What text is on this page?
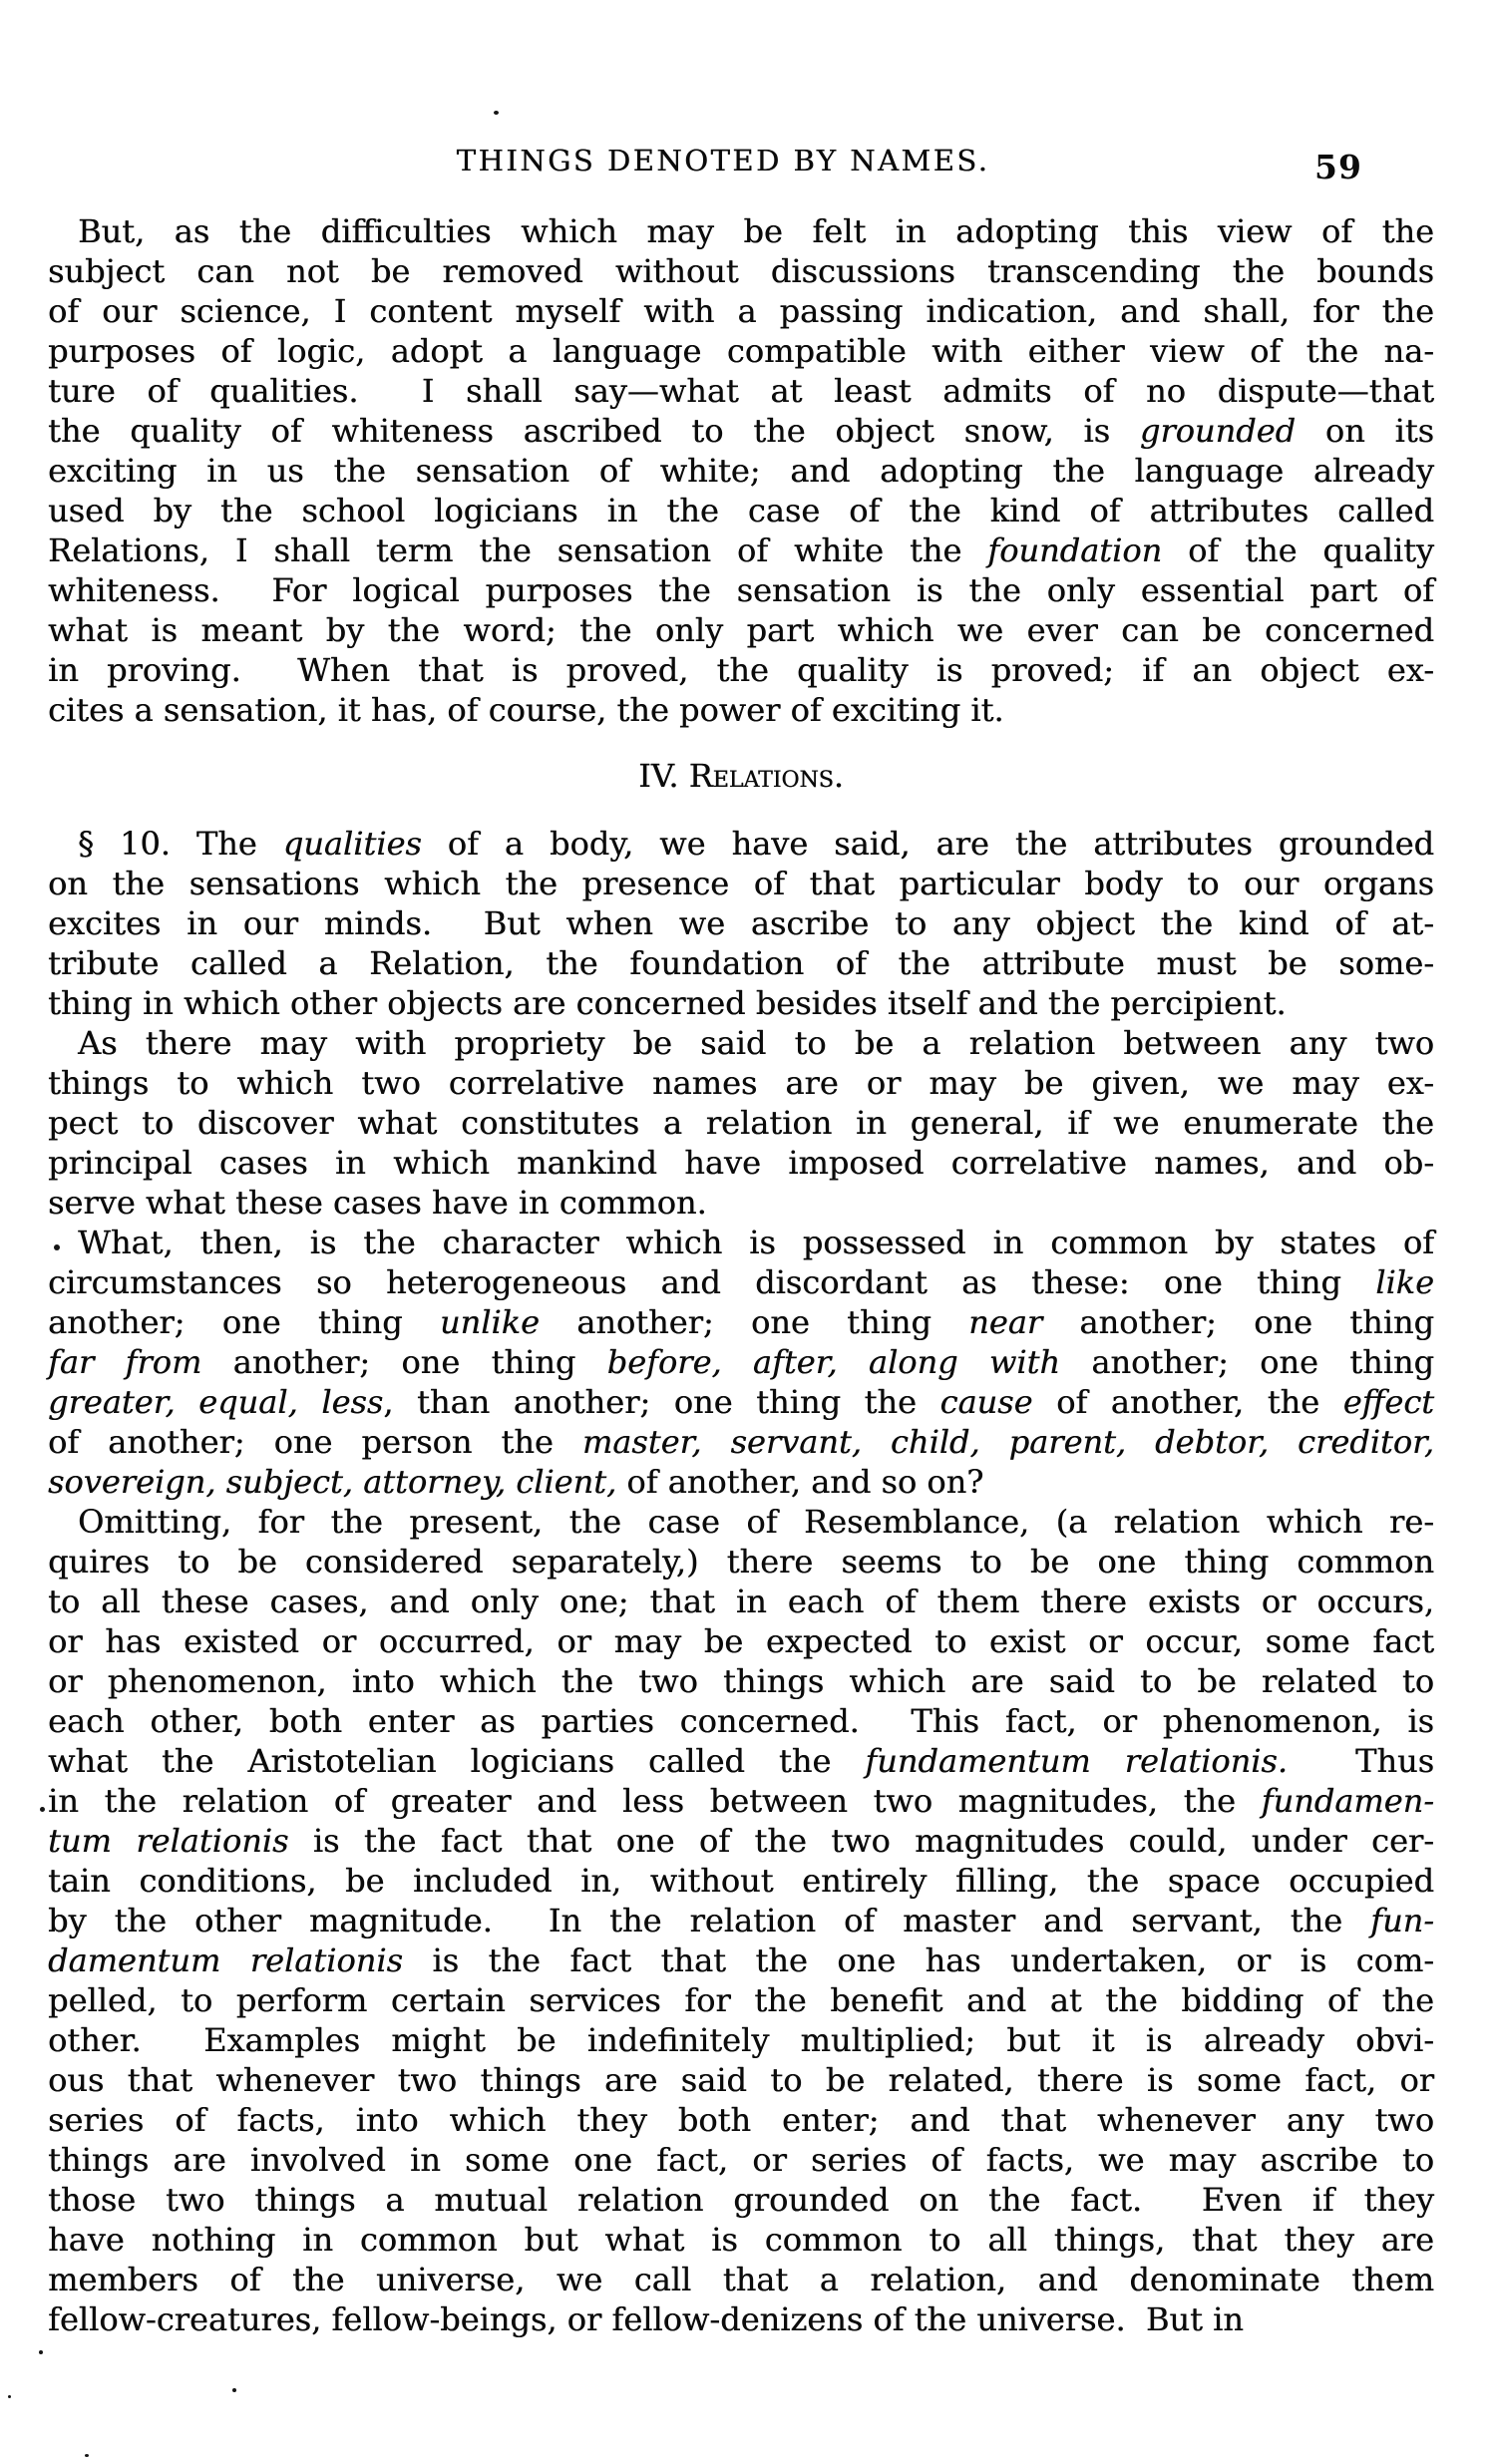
THINGS DENOTED BY NAMES.	59
But, as the difficulties which may be felt in adopting this view of the
subject can not be removed without discussions transcending the bounds
of our science, I content myself with a passing indication, and shall, for the
purposes of logic, adopt a language compatible with either view of the na-
ture of qualities.  I shall say—what at least admits of no dispute—that
the quality of whiteness ascribed to the object snow, is grounded on its
exciting in us the sensation of white; and adopting the language already
used by the school logicians in the case of the kind of attributes called
Relations, I shall term the sensation of white the foundation of the quality
whiteness.  For logical purposes the sensation is the only essential part of
what is meant by the word; the only part which we ever can be concerned
in proving.  When that is proved, the quality is proved; if an object ex-
cites a sensation, it has, of course, the power of exciting it.
IV. Relations.
§ 10. The qualities of a body, we have said, are the attributes grounded
on the sensations which the presence of that particular body to our organs
excites in our minds.  But when we ascribe to any object the kind of at-
tribute called a Relation, the foundation of the attribute must be some-
thing in which other objects are concerned besides itself and the percipient.
As there may with propriety be said to be a relation between any two
things to which two correlative names are or may be given, we may ex-
pect to discover what constitutes a relation in general, if we enumerate the
principal cases in which mankind have imposed correlative names, and ob-
serve what these cases have in common.
What, then, is the character which is possessed in common by states of
circumstances so heterogeneous and discordant as these: one thing like
another; one thing unlike another; one thing near another; one thing
far from another; one thing before, after, along with another; one thing
greater, equal, less, than another; one thing the cause of another, the effect
of another; one person the master, servant, child, parent, debtor, creditor,
sovereign, subject, attorney, client, of another, and so on?
Omitting, for the present, the case of Resemblance, (a relation which re-
quires to be considered separately,) there seems to be one thing common
to all these cases, and only one; that in each of them there exists or occurs,
or has existed or occurred, or may be expected to exist or occur, some fact
or phenomenon, into which the two things which are said to be related to
each other, both enter as parties concerned.  This fact, or phenomenon, is
what the Aristotelian logicians called the fundamentum relationis.  Thus
in the relation of greater and less between two magnitudes, the fundamen-
tum relationis is the fact that one of the two magnitudes could, under cer-
tain conditions, be included in, without entirely filling, the space occupied
by the other magnitude.  In the relation of master and servant, the fun-
damentum relationis is the fact that the one has undertaken, or is com-
pelled, to perform certain services for the benefit and at the bidding of the
other.  Examples might be indefinitely multiplied; but it is already obvi-
ous that whenever two things are said to be related, there is some fact, or
series of facts, into which they both enter; and that whenever any two
things are involved in some one fact, or series of facts, we may ascribe to
those two things a mutual relation grounded on the fact.  Even if they
have nothing in common but what is common to all things, that they are
members of the universe, we call that a relation, and denominate them
fellow-creatures, fellow-beings, or fellow-denizens of the universe.  But in
